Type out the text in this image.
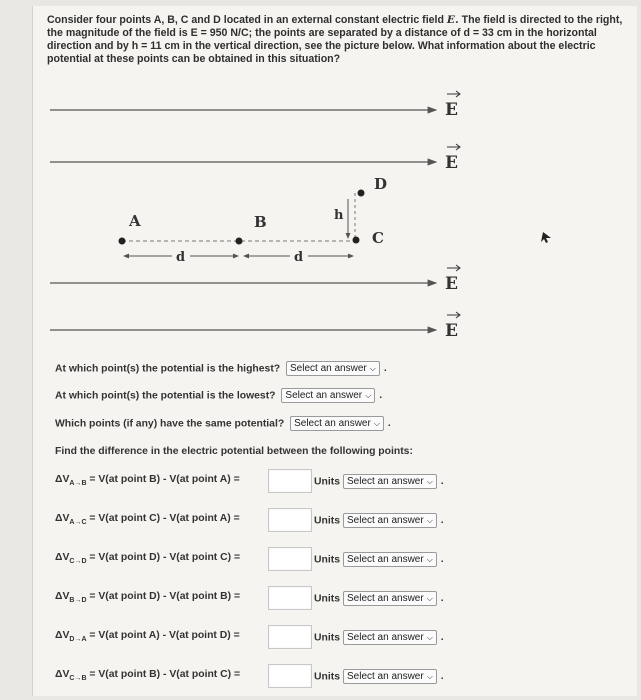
Consider four points A, B, C and D located in an external constant electric field E. The field is directed to the right, the magnitude of the field is E = 950 N/C; the points are separated by a distance of d = 33 cm in the horizontal direction and by h = 11 cm in the vertical direction, see the picture below. What information about the electric potential at these points can be obtained in this situation?
E
E
E
E
A	B
C
D
h
d	d
At which point(s) the potential is the highest? Select an answer ⌵ .
At which point(s) the potential is the lowest? Select an answer ⌵ .
Which points (if any) have the same potential? Select an answer ⌵ .
Find the difference in the electric potential between the following points:
$\Delta V_{A\to B} = V(at$ point B) - V(at point A) =	Units Select an answer ⌵ .
$\Delta V_{A\to C} = V(at$ point C) - V(at point A) =	Units Select an answer ⌵ .
$\Delta V_{C\to D} = V(at$ point D) - V(at point C) =	Units Select an answer ⌵ .
$\Delta V_{B\to D} = V(at$ point D) - V(at point B) =	Units Select an answer ⌵ .
$\Delta V_{D\to A} = V(at$ point A) - V(at point D) =	Units Select an answer ⌵ .
$\Delta V_{C\to B} = V(at$ point B) - V(at point C) =	Units Select an answer ⌵ .
